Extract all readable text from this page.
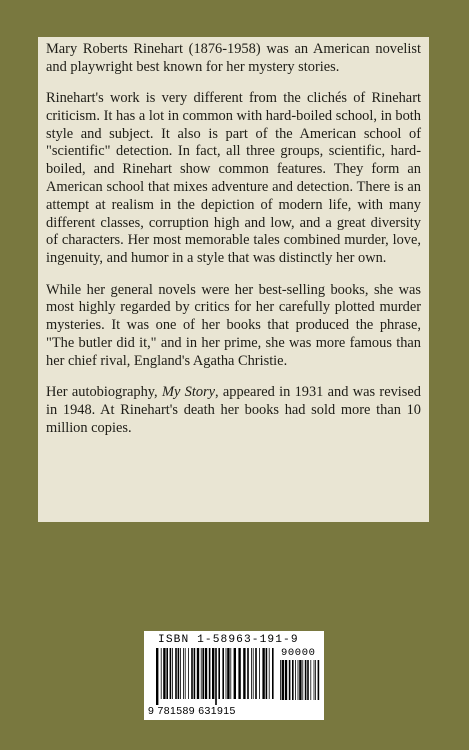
Mary Roberts Rinehart (1876-1958) was an American novelist and playwright best known for her mystery stories.

Rinehart's work is very different from the clichés of Rinehart criticism. It has a lot in common with hard-boiled school, in both style and subject. It also is part of the American school of "scientific" detection. In fact, all three groups, scientific, hard-boiled, and Rinehart show common features. They form an American school that mixes adventure and detection. There is an attempt at realism in the depiction of modern life, with many different classes, corruption high and low, and a great diversity of characters. Her most memorable tales combined murder, love, ingenuity, and humor in a style that was distinctly her own.

While her general novels were her best-selling books, she was most highly regarded by critics for her carefully plotted murder mysteries. It was one of her books that produced the phrase, "The butler did it," and in her prime, she was more famous than her chief rival, England's Agatha Christie.

Her autobiography, My Story, appeared in 1931 and was revised in 1948. At Rinehart's death her books had sold more than 10 million copies.

ISBN 1-58963-191-9
90000
9 781589 631915
